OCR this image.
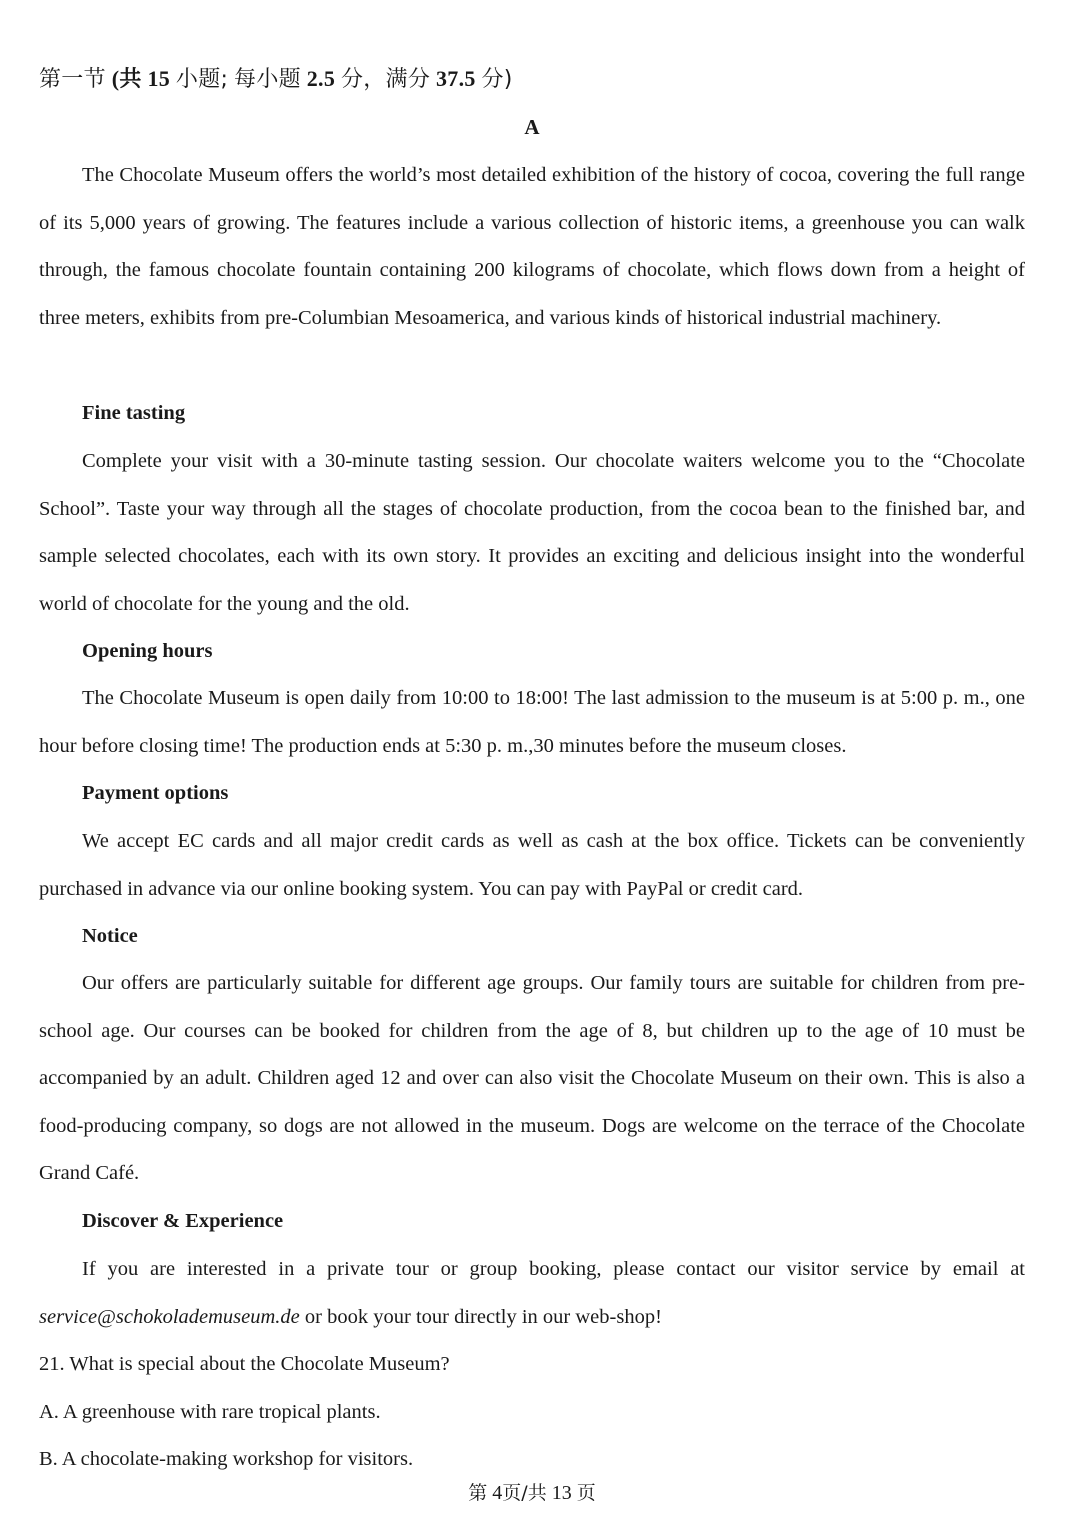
第一节 (共 15 小题; 每小题 2.5 分，满分 37.5 分)
A

The Chocolate Museum offers the world’s most detailed exhibition of the history of cocoa, covering the full range of its 5,000 years of growing. The features include a various collection of historic items, a greenhouse you can walk through, the famous chocolate fountain containing 200 kilograms of chocolate, which flows down from a height of three meters, exhibits from pre-Columbian Mesoamerica, and various kinds of historical industrial machinery.

Fine tasting

Complete your visit with a 30-minute tasting session. Our chocolate waiters welcome you to the “Chocolate School”. Taste your way through all the stages of chocolate production, from the cocoa bean to the finished bar, and sample selected chocolates, each with its own story. It provides an exciting and delicious insight into the wonderful world of chocolate for the young and the old.

Opening hours

The Chocolate Museum is open daily from 10:00 to 18:00! The last admission to the museum is at 5:00 p. m., one hour before closing time! The production ends at 5:30 p. m.,30 minutes before the museum closes.

Payment options

We accept EC cards and all major credit cards as well as cash at the box office. Tickets can be conveniently purchased in advance via our online booking system. You can pay with PayPal or credit card.

Notice

Our offers are particularly suitable for different age groups. Our family tours are suitable for children from pre-school age. Our courses can be booked for children from the age of 8, but children up to the age of 10 must be accompanied by an adult. Children aged 12 and over can also visit the Chocolate Museum on their own. This is also a food-producing company, so dogs are not allowed in the museum. Dogs are welcome on the terrace of the Chocolate Grand Café.

Discover & Experience

If you are interested in a private tour or group booking, please contact our visitor service by email at service@schokolademuseum.de or book your tour directly in our web-shop!

21. What is special about the Chocolate Museum?
A. A greenhouse with rare tropical plants.
B. A chocolate-making workshop for visitors.
第 4页/共 13 页
